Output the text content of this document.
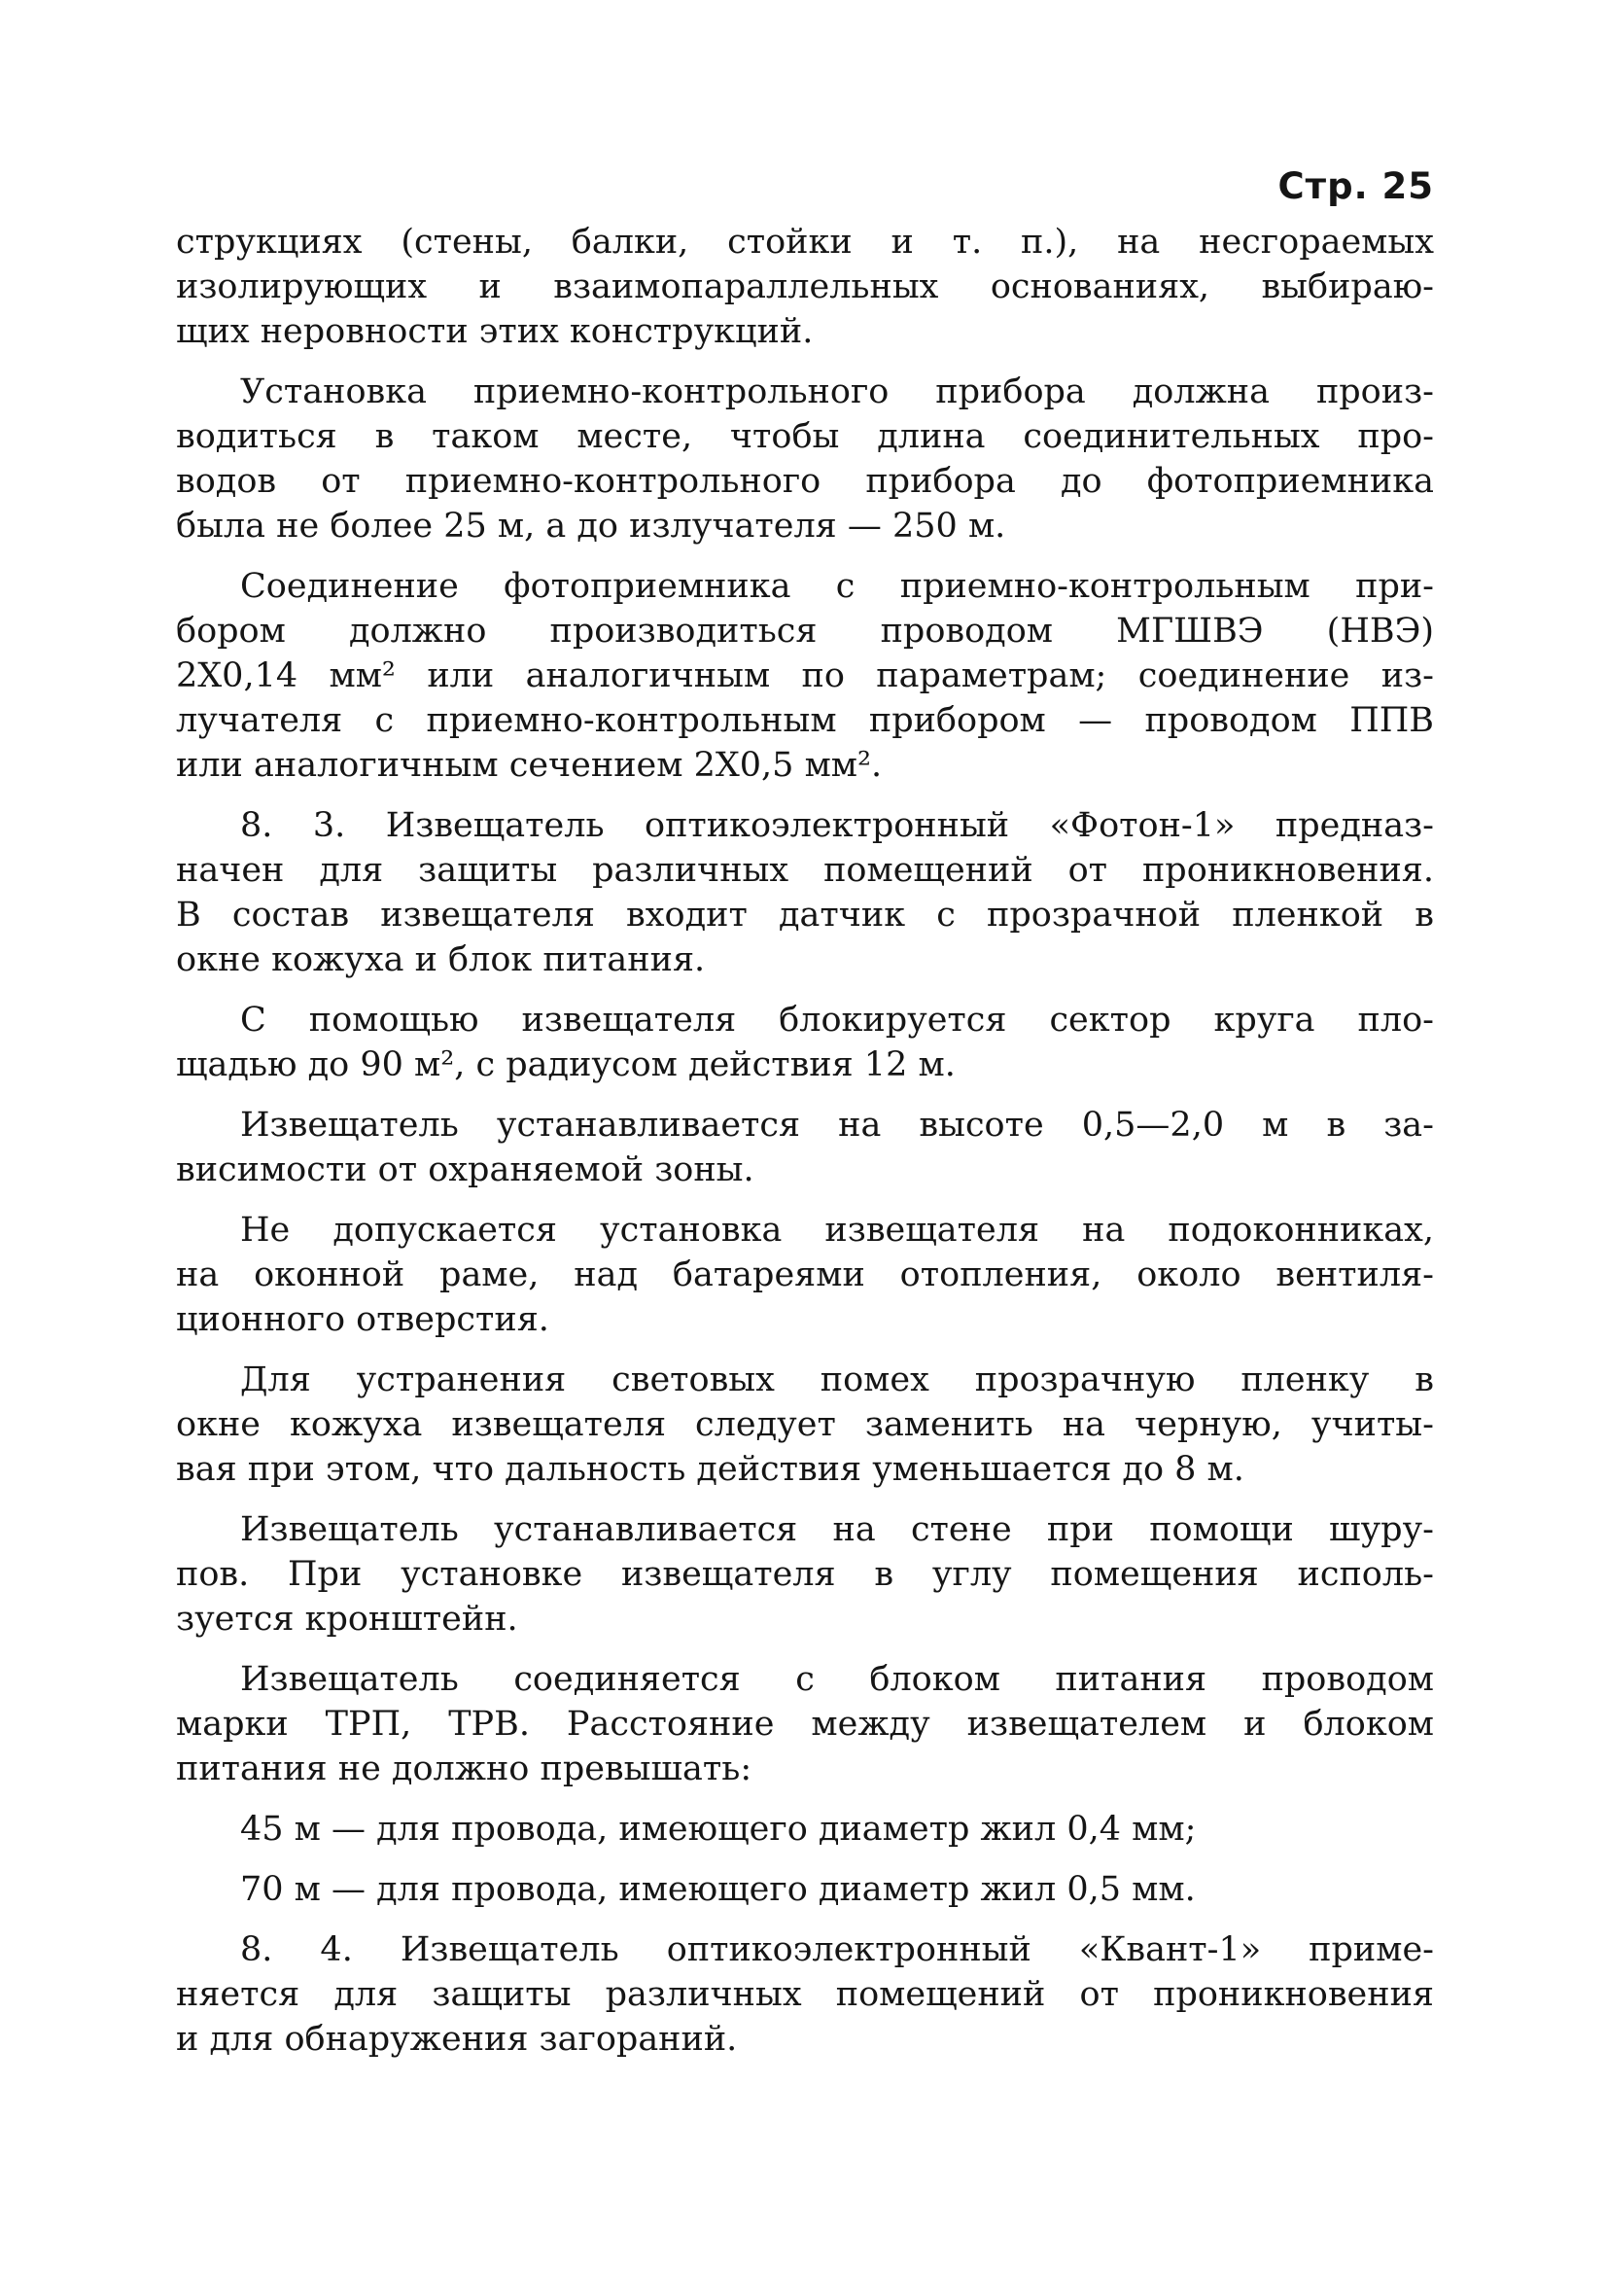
Стр. 25

струкциях (стены, балки, стойки и т. п.), на несгораемых
изолирующих и взаимопараллельных основаниях, выбираю-
щих неровности этих конструкций.

Установка приемно-контрольного прибора должна произ-
водиться в таком месте, чтобы длина соединительных про-
водов от приемно-контрольного прибора до фотоприемника
была не более 25 м, а до излучателя — 250 м.

Соединение фотоприемника с приемно-контрольным при-
бором должно производиться проводом МГШВЭ (НВЭ)
2X0,14 мм² или аналогичным по параметрам; соединение из-
лучателя с приемно-контрольным прибором — проводом ППВ
или аналогичным сечением 2X0,5 мм².

8. 3. Извещатель оптикоэлектронный «Фотон-1» предназ-
начен для защиты различных помещений от проникновения.
В состав извещателя входит датчик с прозрачной пленкой в
окне кожуха и блок питания.

С помощью извещателя блокируется сектор круга пло-
щадью до 90 м², с радиусом действия 12 м.

Извещатель устанавливается на высоте 0,5—2,0 м в за-
висимости от охраняемой зоны.

Не допускается установка извещателя на подоконниках,
на оконной раме, над батареями отопления, около вентиля-
ционного отверстия.

Для устранения световых помех прозрачную пленку в
окне кожуха извещателя следует заменить на черную, учиты-
вая при этом, что дальность действия уменьшается до 8 м.

Извещатель устанавливается на стене при помощи шуру-
пов. При установке извещателя в углу помещения исполь-
зуется кронштейн.

Извещатель соединяется с блоком питания проводом
марки ТРП, ТРВ. Расстояние между извещателем и блоком
питания не должно превышать:

45 м — для провода, имеющего диаметр жил 0,4 мм;

70 м — для провода, имеющего диаметр жил 0,5 мм.

8. 4. Извещатель оптикоэлектронный «Квант-1» приме-
няется для защиты различных помещений от проникновения
и для обнаружения загораний.
